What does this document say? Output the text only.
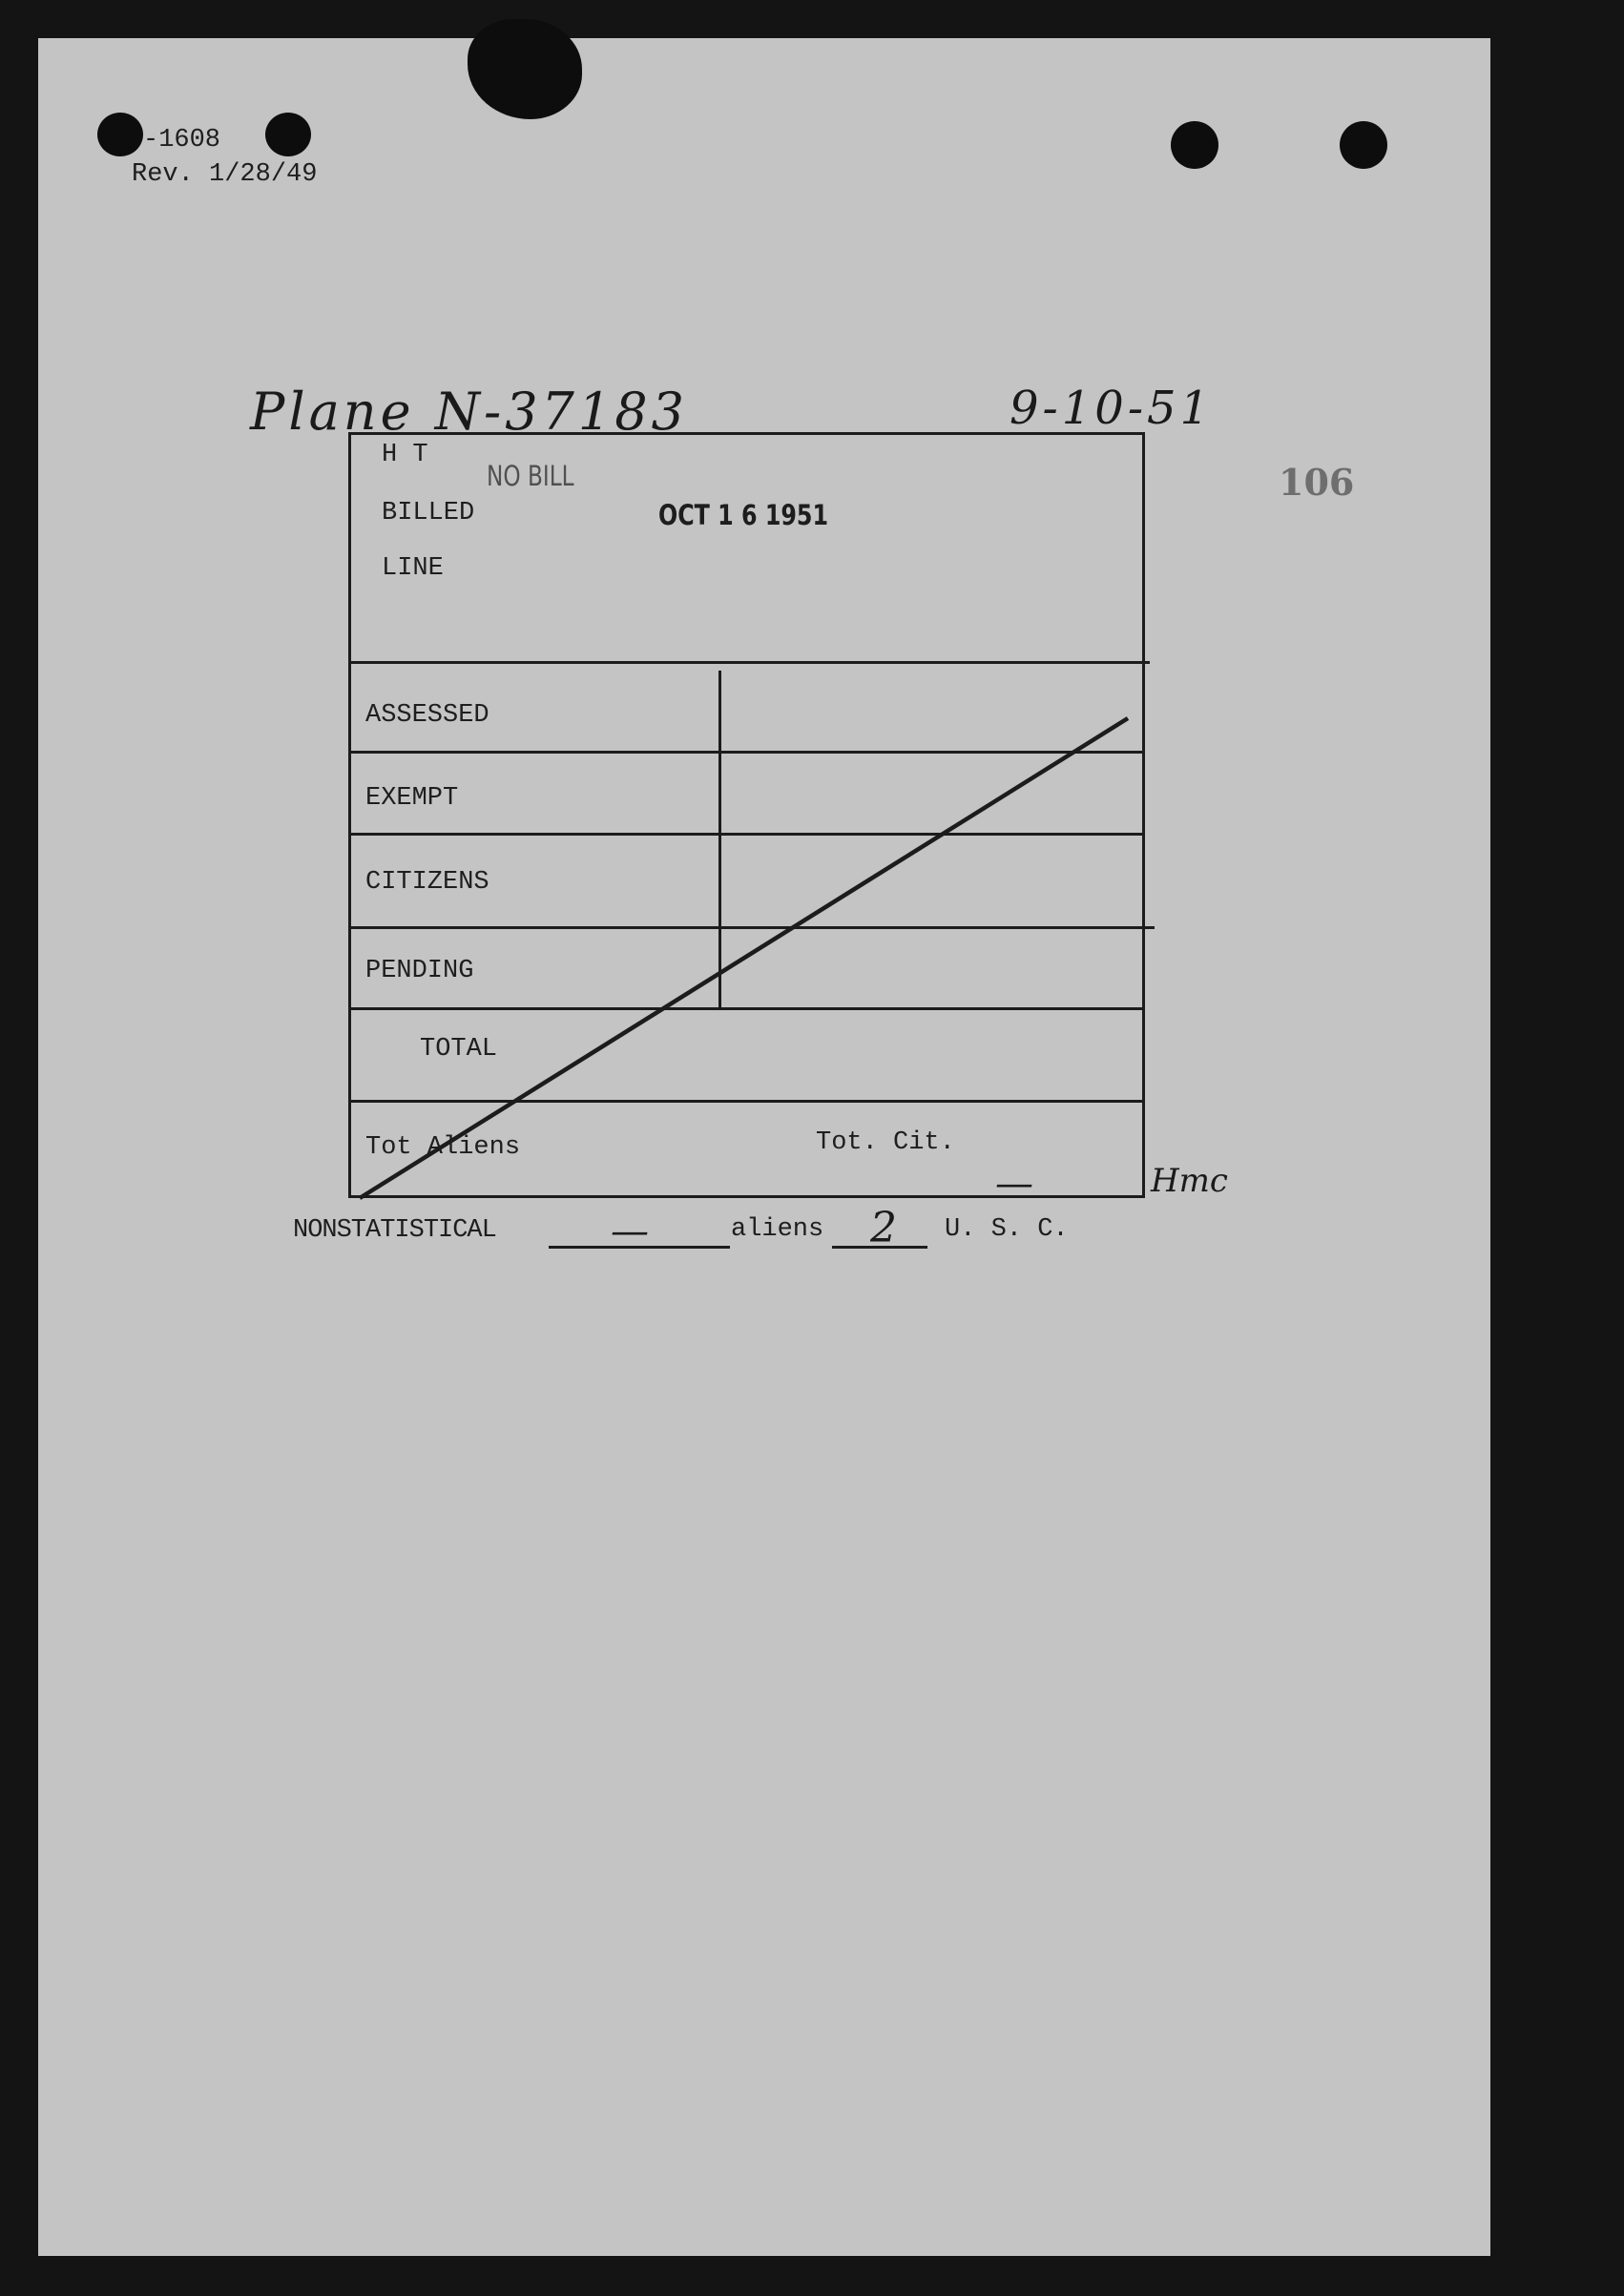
-1608
Rev. 1/28/49
Plane N-37183	9-10-51
106
H T
BILLED
LINE
NO BILL
OCT 1 6 1951
ASSESSED
EXEMPT
CITIZENS
PENDING
TOTAL
Tot Aliens	Tot. Cit.
—	Hmc
NONSTATISTICAL	—	aliens 2 U. S. C.
